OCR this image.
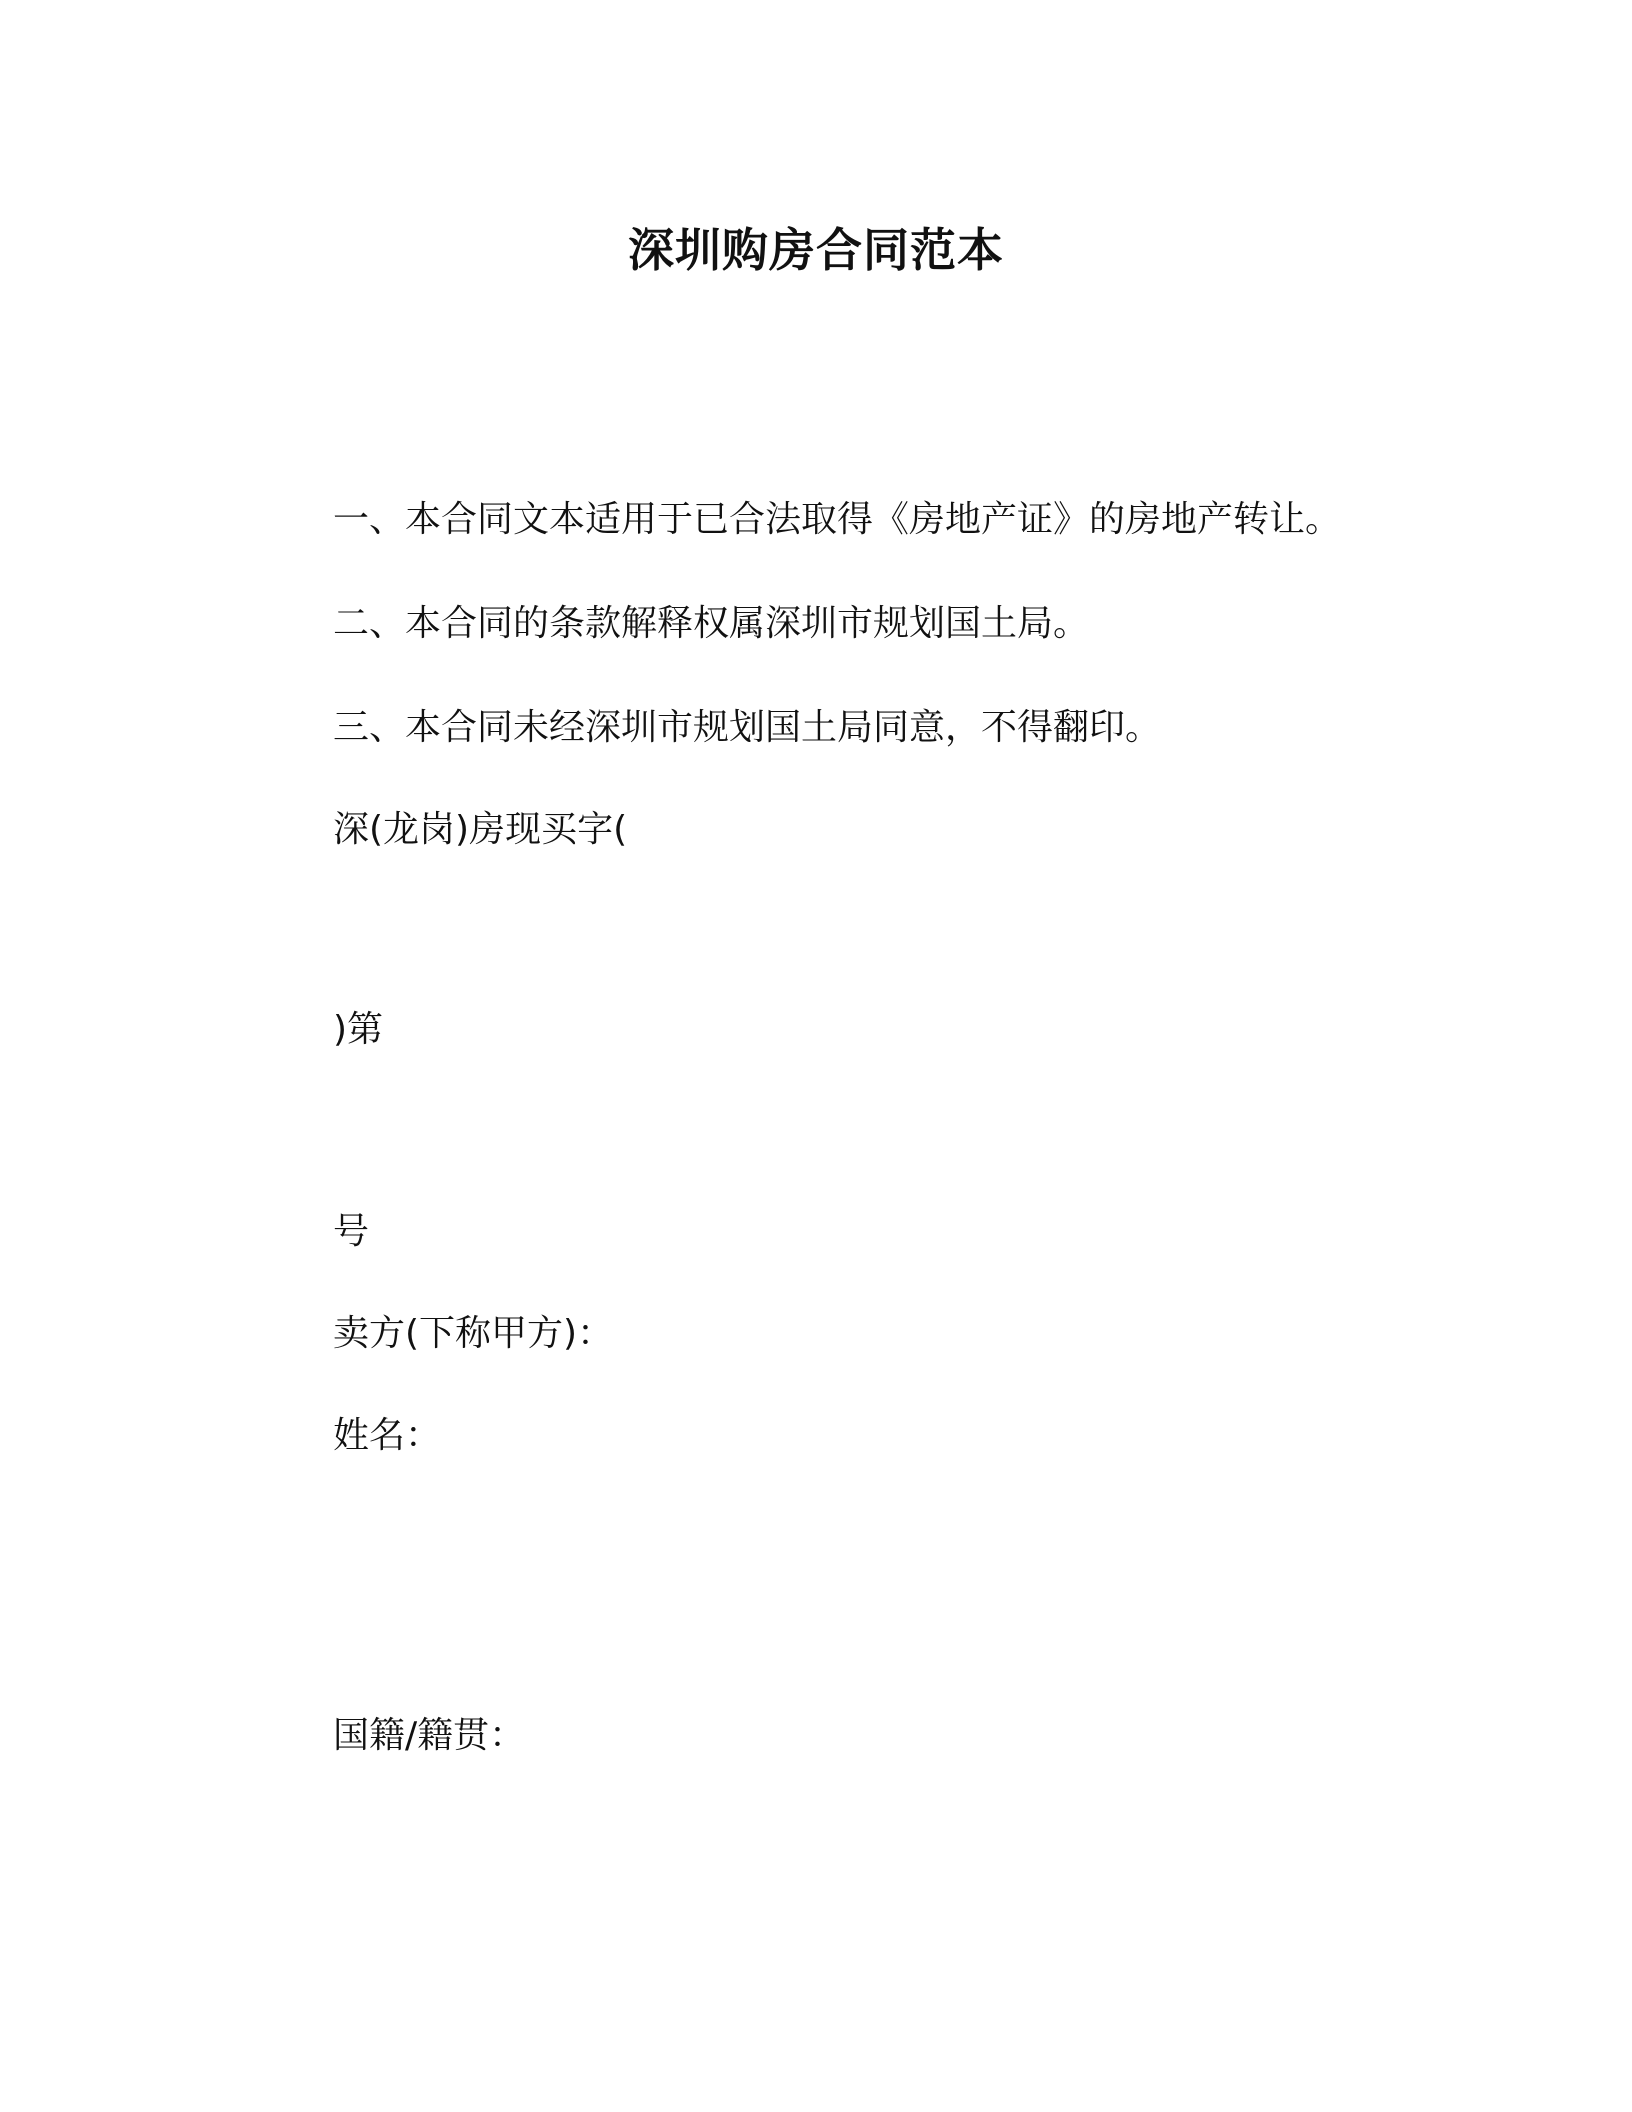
深圳购房合同范本
一、本合同文本适用于已合法取得《房地产证》的房地产转让。
二、本合同的条款解释权属深圳市规划国土局。
三、本合同未经深圳市规划国土局同意，不得翻印。
深(龙岗)房现买字(
)第
号
卖方(下称甲方)：
姓名：
国籍/籍贯：
